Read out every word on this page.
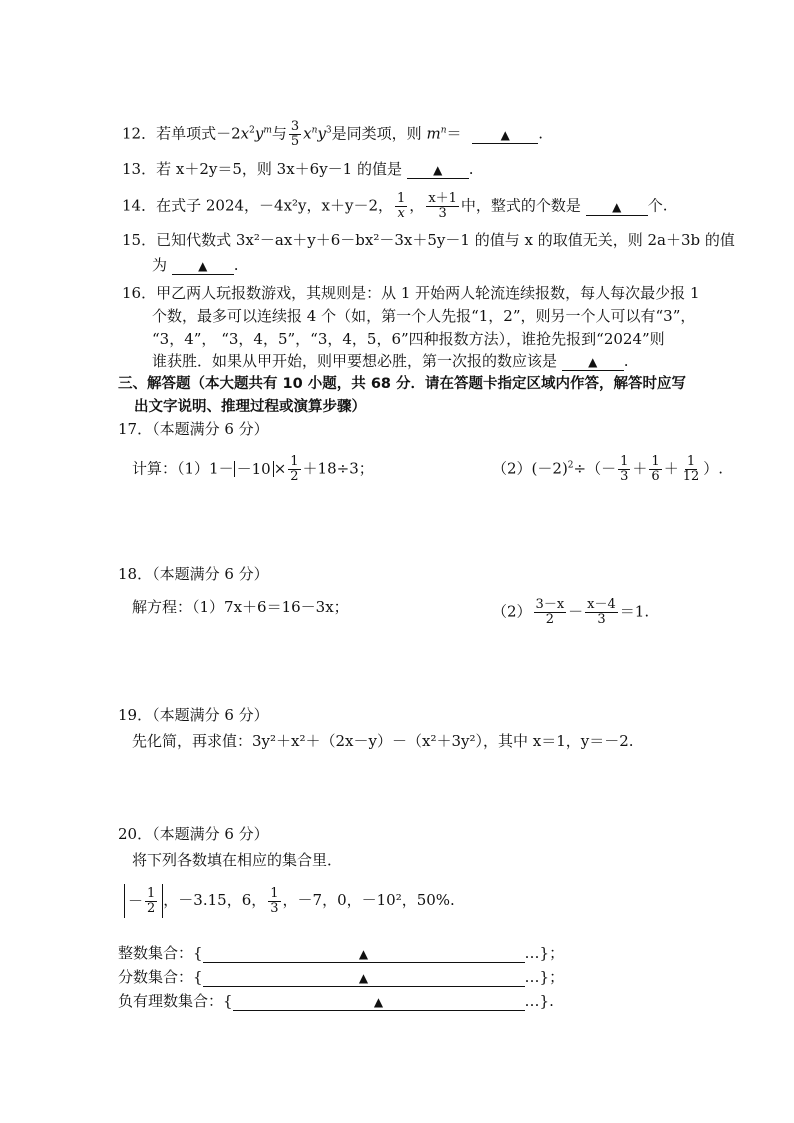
12．若单项式$-2x^2y^m$与 $\frac{3}{5} x^ny^3$是同类项，则 $m^n=$	▲ .
13．若 x＋2y＝5，则 3x＋6y－1 的值是	▲ .
14．在式子 2024，－4x²y，x＋y－2， $\frac{1}{x}$ ， $\frac{x+1}{3}$ 中，整式的个数是	▲ 个.
15．已知代数式 3x²－ax＋y＋6－bx²－3x＋5y－1 的值与 x 的取值无关，则 2a＋3b 的值
为	▲ .
16．甲乙两人玩报数游戏，其规则是：从 1 开始两人轮流连续报数，每人每次最少报 1
个数，最多可以连续报 4 个（如，第一个人先报“1，2”，则另一个人可以有“3”，
“3，4”， “3，4，5”，“3，4，5，6”四种报数方法），谁抢先报到“2024”则
谁获胜．如果从甲开始，则甲要想必胜，第一次报的数应该是	▲ .
三、解答题（本大题共有 10 小题，共 68 分．请在答题卡指定区域内作答，解答时应写
出文字说明、推理过程或演算步骤）
17．（本题满分 6 分）
计算：$(1)1- -10 \times \frac{1}{2} +18\div 3$；	$(2)(-2)^2\div(- \frac{1}{3} + \frac{1}{6} + \frac{1}{12}$ ）.
18．（本题满分 6 分）
解方程：（1）7x＋6＝16－3x；	$(2) \frac{3-x}{2} - \frac{x-4}{3} =1$.
19．（本题满分 6 分）
先化简，再求值：3y²＋x²＋（2x－y）－（x²＋3y²），其中 x＝1，y＝－2.
20．（本题满分 6 分）
将下列各数填在相应的集合里．
－ $\frac{1}{2}$ ，－3.15，6， $\frac{1}{3}$ ，－7，0，－10²，50%.
整数集合：{	▲	…}；
分数集合：{	▲	…}；
负有理数集合：{	▲	…}.
